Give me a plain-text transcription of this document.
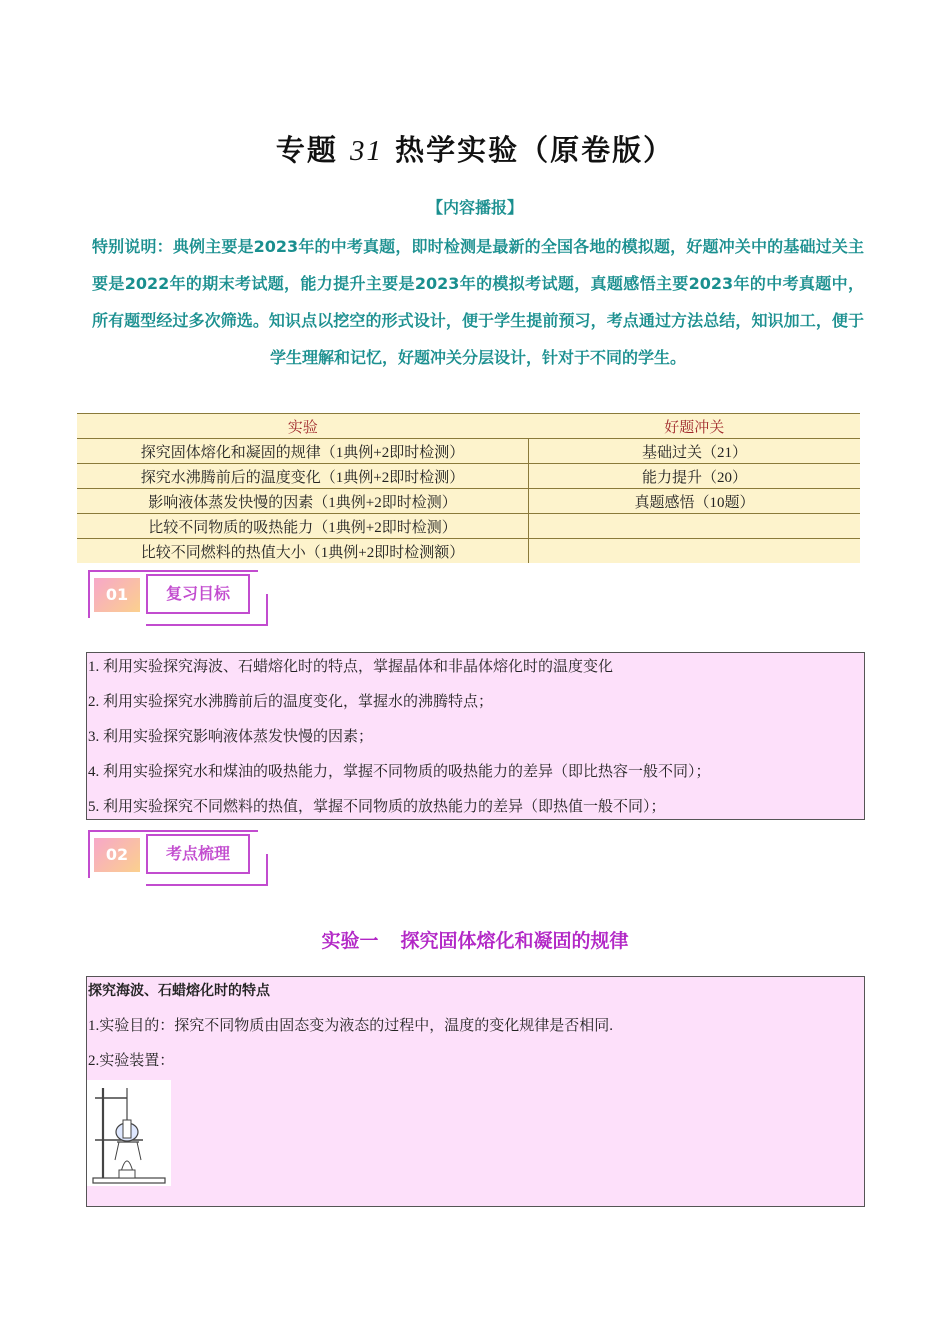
专题 31 热学实验（原卷版）
【内容播报】
特别说明：典例主要是2023年的中考真题，即时检测是最新的全国各地的模拟题，好题冲关中的基础过关主要是2022年的期末考试题，能力提升主要是2023年的模拟考试题，真题感悟主要2023年的中考真题中，所有题型经过多次筛选。知识点以挖空的形式设计，便于学生提前预习，考点通过方法总结，知识加工，便于学生理解和记忆，好题冲关分层设计，针对于不同的学生。
实验	好题冲关
探究固体熔化和凝固的规律（1典例+2即时检测）	基础过关（21）
探究水沸腾前后的温度变化（1典例+2即时检测）	能力提升（20）
影响液体蒸发快慢的因素（1典例+2即时检测）	真题感悟（10题）
比较不同物质的吸热能力（1典例+2即时检测）	
比较不同燃料的热值大小（1典例+2即时检测额）	
01	复习目标
1. 利用实验探究海波、石蜡熔化时的特点，掌握晶体和非晶体熔化时的温度变化
2. 利用实验探究水沸腾前后的温度变化，掌握水的沸腾特点；
3. 利用实验探究影响液体蒸发快慢的因素；
4. 利用实验探究水和煤油的吸热能力，掌握不同物质的吸热能力的差异（即比热容一般不同）；
5. 利用实验探究不同燃料的热值，掌握不同物质的放热能力的差异（即热值一般不同）；
02	考点梳理
实验一 探究固体熔化和凝固的规律
探究海波、石蜡熔化时的特点
1.实验目的：探究不同物质由固态变为液态的过程中，温度的变化规律是否相同.
2.实验装置：
